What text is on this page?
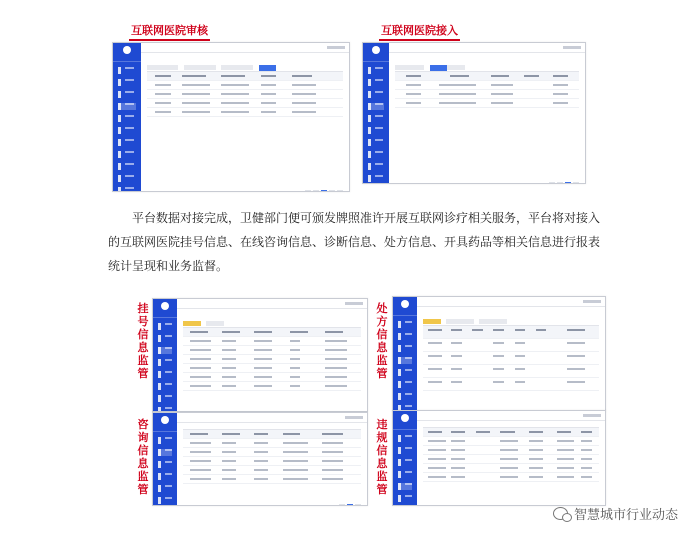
互联网医院审核	互联网医院接入
平台数据对接完成，卫健部门便可颁发牌照准许开展互联网诊疗相关服务，平台将对接入的互联网医院挂号信息、在线咨询信息、诊断信息、处方信息、开具药品等相关信息进行报表统计呈现和业务监督。
挂号信息监管
处方信息监管
咨询信息监管
违规信息监管
智慧城市行业动态
